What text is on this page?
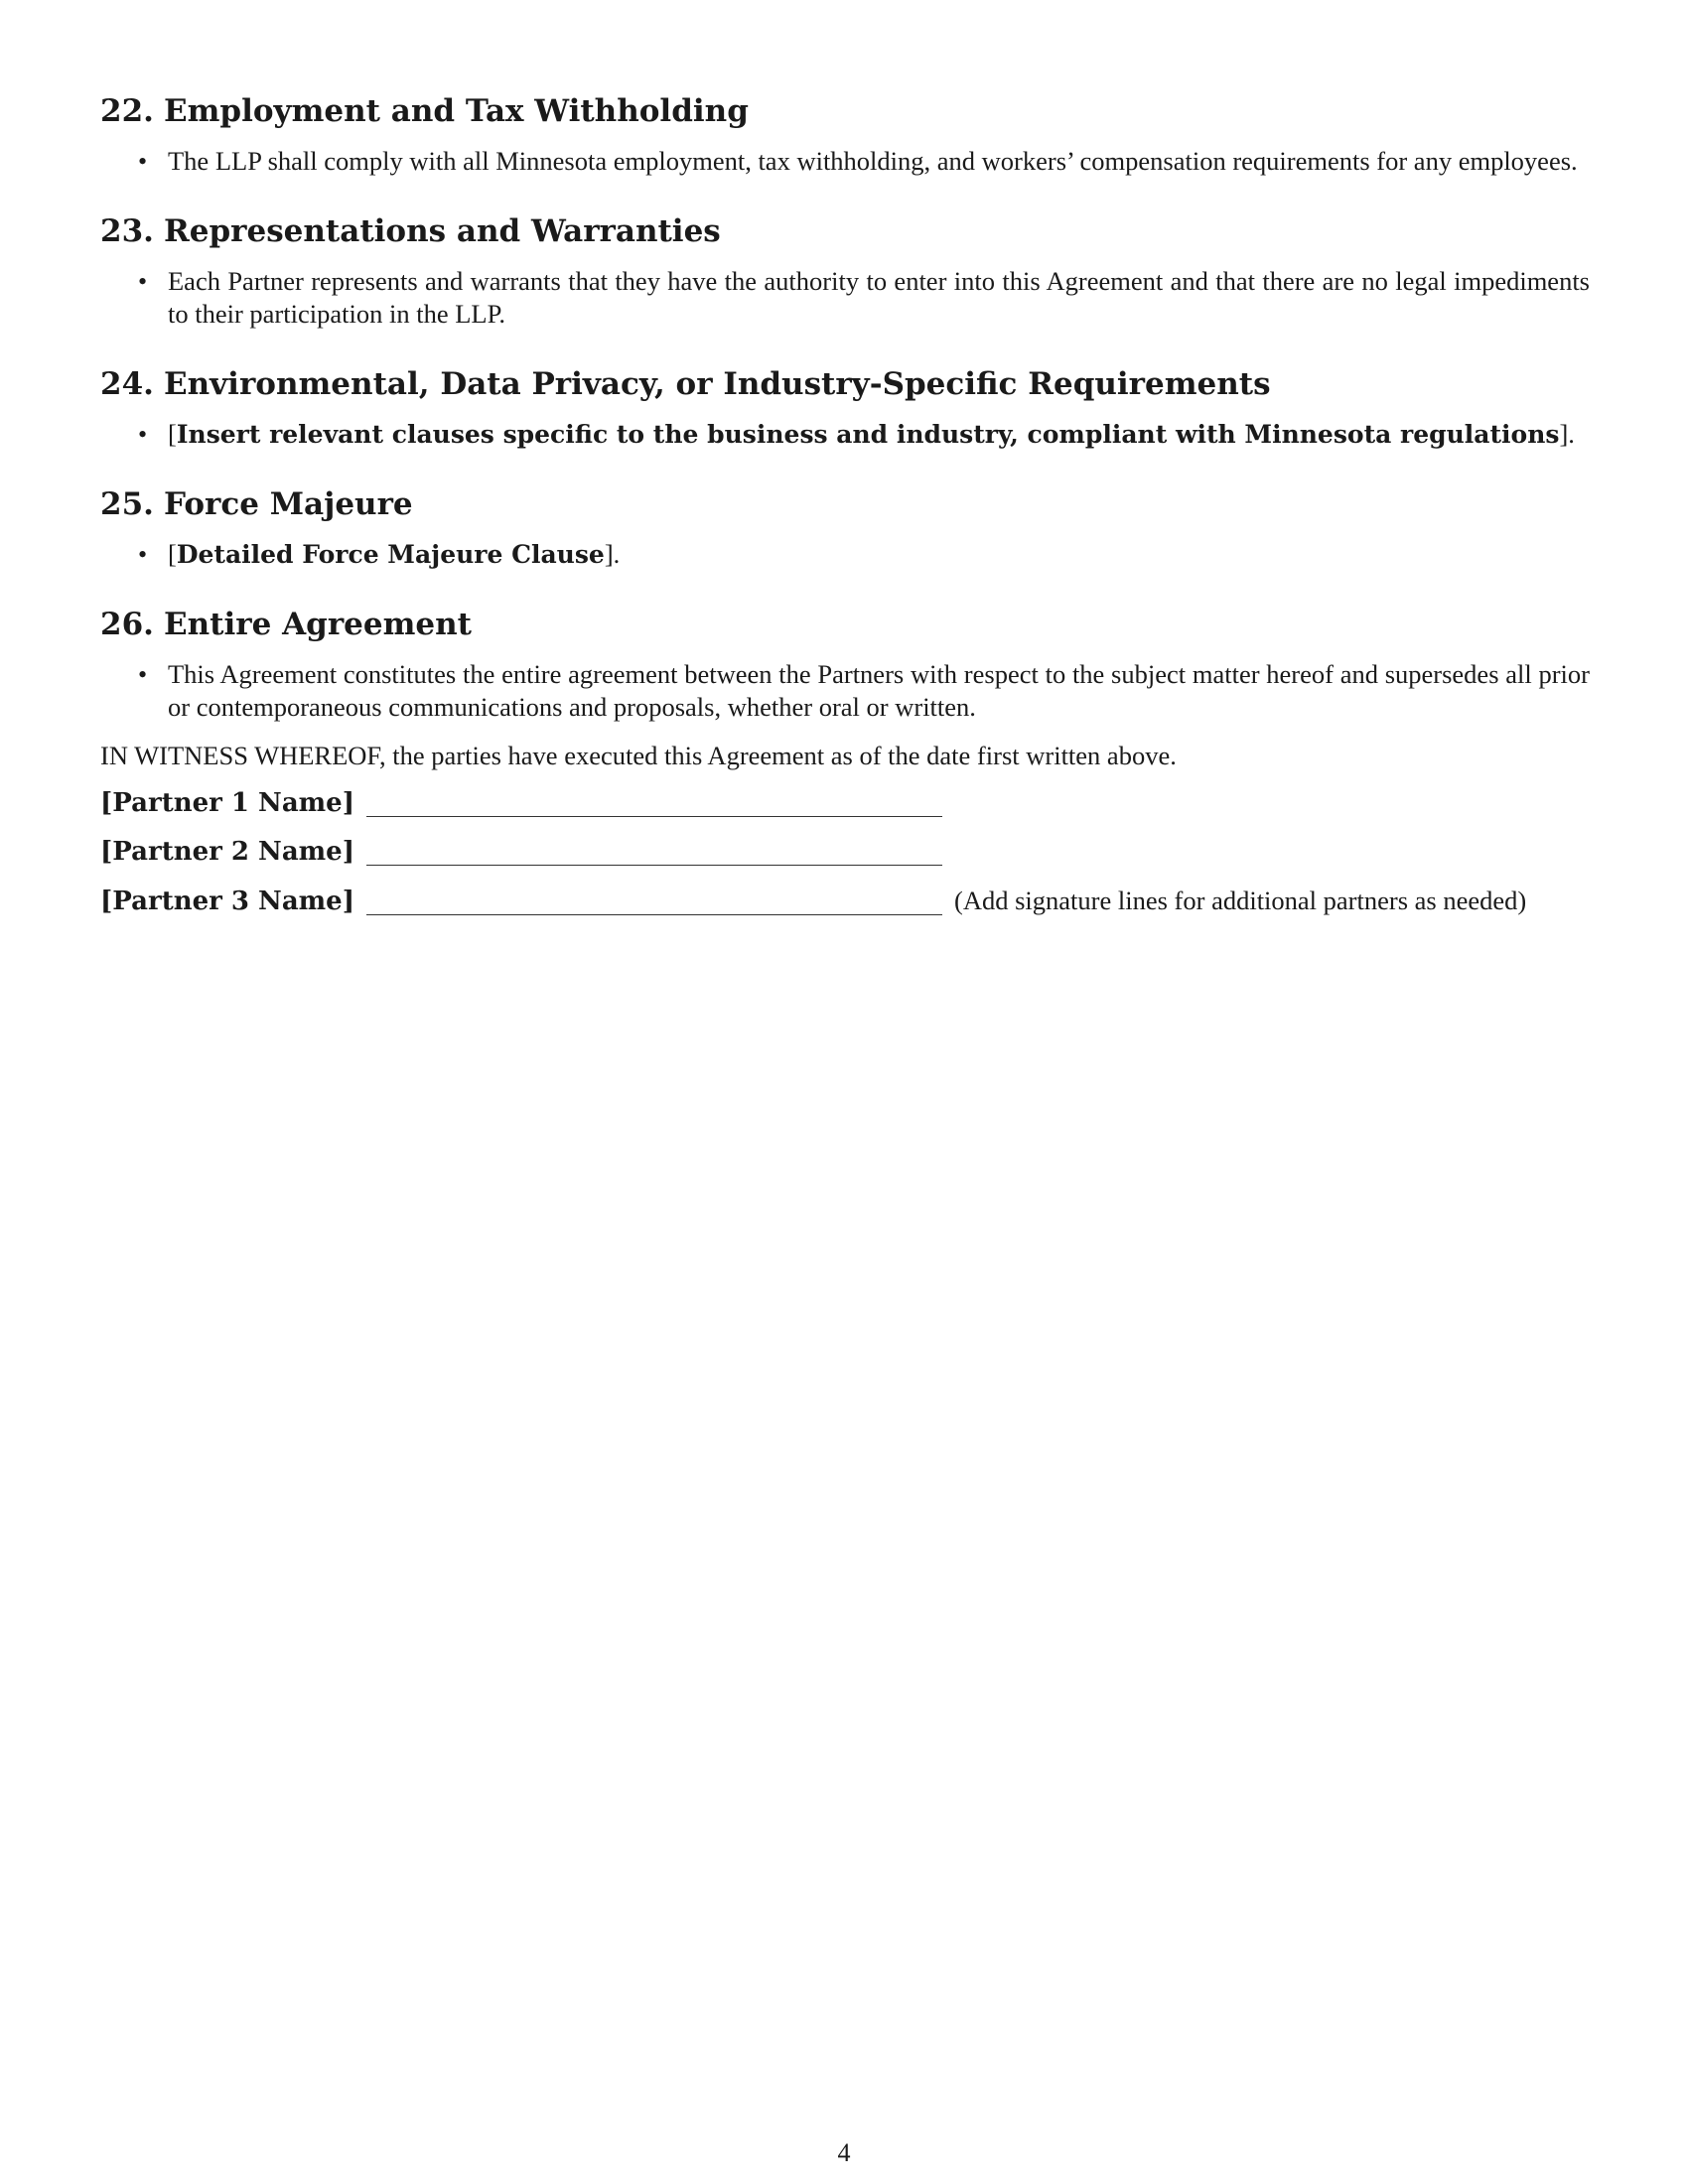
22. Employment and Tax Withholding
• The LLP shall comply with all Minnesota employment, tax withholding, and workers’ compensation requirements for any employees.
23. Representations and Warranties
• Each Partner represents and warrants that they have the authority to enter into this Agreement and that there are no legal impediments to their participation in the LLP.
24. Environmental, Data Privacy, or Industry-Specific Requirements
• [Insert relevant clauses specific to the business and industry, compliant with Minnesota regulations].
25. Force Majeure
• [Detailed Force Majeure Clause].
26. Entire Agreement
• This Agreement constitutes the entire agreement between the Partners with respect to the subject matter hereof and supersedes all prior or contemporaneous communications and proposals, whether oral or written.
IN WITNESS WHEREOF, the parties have executed this Agreement as of the date first written above.
[Partner 1 Name]
[Partner 2 Name]
[Partner 3 Name]	(Add signature lines for additional partners as needed)
4
